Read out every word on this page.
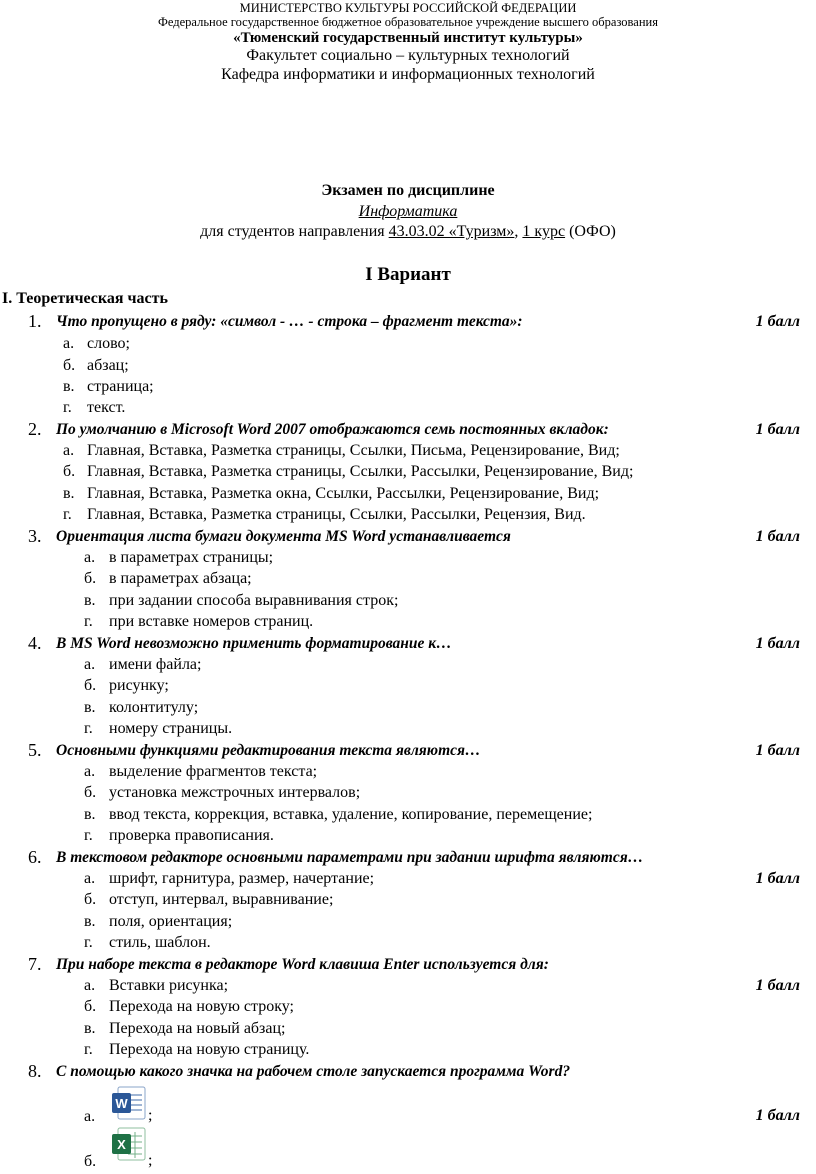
МИНИСТЕРСТВО КУЛЬТУРЫ РОССИЙСКОЙ ФЕДЕРАЦИИ
Федеральное государственное бюджетное образовательное учреждение высшего образования
«Тюменский государственный институт культуры»
Факультет социально – культурных технологий
Кафедра информатики и информационных технологий
Экзамен по дисциплине
Информатика
для студентов направления 43.03.02 «Туризм», 1 курс (ОФО)
I Вариант
I. Теоретическая часть
1. Что пропущено в ряду: «символ - … - строка – фрагмент текста»:	1 балл
а. слово;
б. абзац;
в. страница;
г. текст.
2. По умолчанию в Microsoft Word 2007 отображаются семь постоянных вкладок:	1 балл
а. Главная, Вставка, Разметка страницы, Ссылки, Письма, Рецензирование, Вид;
б. Главная, Вставка, Разметка страницы, Ссылки, Рассылки, Рецензирование, Вид;
в. Главная, Вставка, Разметка окна, Ссылки, Рассылки, Рецензирование, Вид;
г. Главная, Вставка, Разметка страницы, Ссылки, Рассылки, Рецензия, Вид.
3. Ориентация листа бумаги документа MS Word устанавливается	1 балл
а. в параметрах страницы;
б. в параметрах абзаца;
в. при задании способа выравнивания строк;
г. при вставке номеров страниц.
4. В MS Word невозможно применить форматирование к…	1 балл
а. имени файла;
б. рисунку;
в. колонтитулу;
г. номеру страницы.
5. Основными функциями редактирования текста являются…	1 балл
а. выделение фрагментов текста;
б. установка межстрочных интервалов;
в. ввод текста, коррекция, вставка, удаление, копирование, перемещение;
г. проверка правописания.
6. В текстовом редакторе основными параметрами при задании шрифта являются…
а. шрифт, гарнитура, размер, начертание;	1 балл
б. отступ, интервал, выравнивание;
в. поля, ориентация;
г. стиль, шаблон.
7. При наборе текста в редакторе Word клавиша Enter используется для:
а. Вставки рисунка;	1 балл
б. Перехода на новую строку;
в. Перехода на новый абзац;
г. Перехода на новую страницу.
8. С помощью какого значка на рабочем столе запускается программа Word?
а.
W
;	1 балл
б.
X
;
